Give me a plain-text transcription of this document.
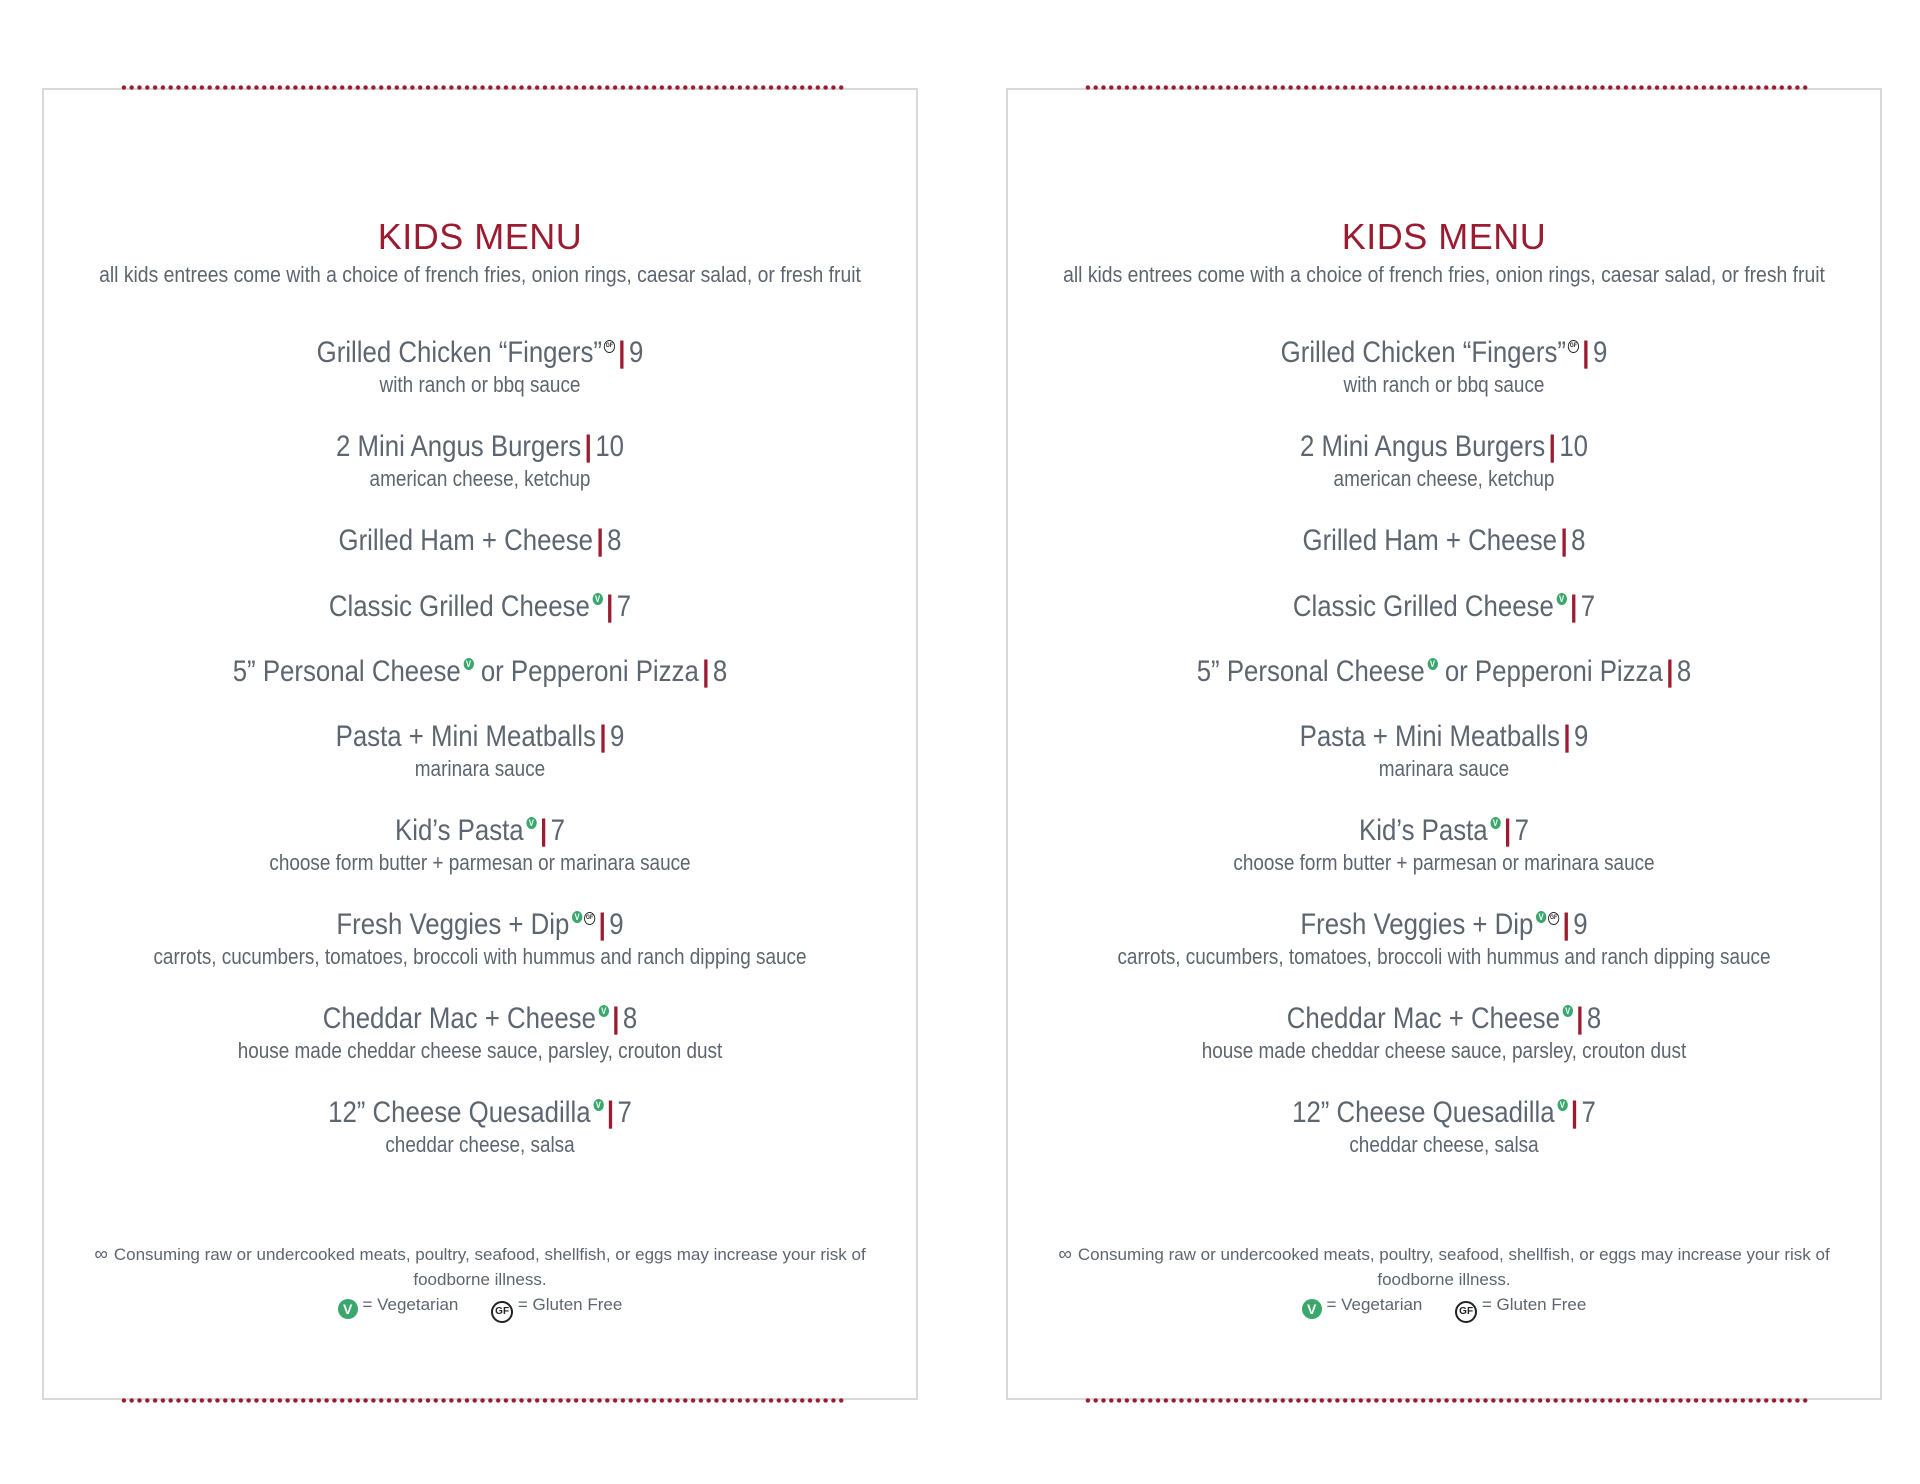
KIDS MENU
all kids entrees come with a choice of french fries, onion rings, caesar salad, or fresh fruit
Grilled Chicken “Fingers” GF | 9
with ranch or bbq sauce
2 Mini Angus Burgers | 10
american cheese, ketchup
Grilled Ham + Cheese | 8
Classic Grilled Cheese V | 7
5” Personal Cheese V or Pepperoni Pizza | 8
Pasta + Mini Meatballs | 9
marinara sauce
Kid’s Pasta V | 7
choose form butter + parmesan or marinara sauce
Fresh Veggies + Dip V GF | 9
carrots, cucumbers, tomatoes, broccoli with hummus and ranch dipping sauce
Cheddar Mac + Cheese V | 8
house made cheddar cheese sauce, parsley, crouton dust
12” Cheese Quesadilla V | 7
cheddar cheese, salsa
∞ Consuming raw or undercooked meats, poultry, seafood, shellfish, or eggs may increase your risk of foodborne illness.
V = Vegetarian	GF = Gluten Free
KIDS MENU
all kids entrees come with a choice of french fries, onion rings, caesar salad, or fresh fruit
Grilled Chicken “Fingers” GF | 9
with ranch or bbq sauce
2 Mini Angus Burgers | 10
american cheese, ketchup
Grilled Ham + Cheese | 8
Classic Grilled Cheese V | 7
5” Personal Cheese V or Pepperoni Pizza | 8
Pasta + Mini Meatballs | 9
marinara sauce
Kid’s Pasta V | 7
choose form butter + parmesan or marinara sauce
Fresh Veggies + Dip V GF | 9
carrots, cucumbers, tomatoes, broccoli with hummus and ranch dipping sauce
Cheddar Mac + Cheese V | 8
house made cheddar cheese sauce, parsley, crouton dust
12” Cheese Quesadilla V | 7
cheddar cheese, salsa
∞ Consuming raw or undercooked meats, poultry, seafood, shellfish, or eggs may increase your risk of foodborne illness.
V = Vegetarian	GF = Gluten Free
